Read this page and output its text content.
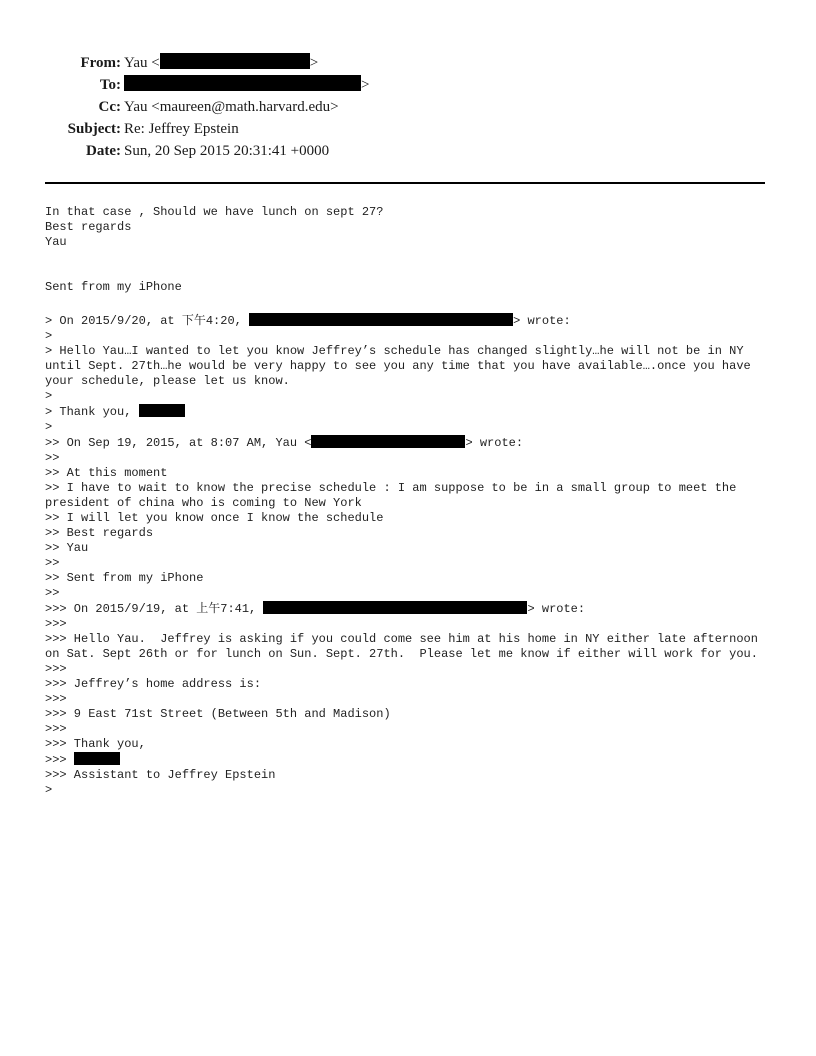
From: Yau <	>
To:	>
Cc: Yau <maureen@math.harvard.edu>
Subject: Re: Jeffrey Epstein
Date: Sun, 20 Sep 2015 20:31:41 +0000
In that case , Should we have lunch on sept 27?
Best regards
Yau
Sent from my iPhone
> On 2015/9/20, at 下午4:20,	> wrote:
>
> Hello Yau…I wanted to let you know Jeffrey’s schedule has changed slightly…he will not be in NY until Sept. 27th…he would be very happy to see you any time that you have available….once you have your schedule, please let us know.
>
> Thank you,
>
>> On Sep 19, 2015, at 8:07 AM, Yau <	> wrote:
>>
>> At this moment
>> I have to wait to know the precise schedule : I am suppose to be in a small group to meet the president of china who is coming to New York
>> I will let you know once I know the schedule
>> Best regards
>> Yau
>>
>> Sent from my iPhone
>>
>>> On 2015/9/19, at 上午7:41,	> wrote:
>>>
>>> Hello Yau.  Jeffrey is asking if you could come see him at his home in NY either late afternoon on Sat. Sept 26th or for lunch on Sun. Sept. 27th.  Please let me know if either will work for you.
>>>
>>> Jeffrey’s home address is:
>>>
>>> 9 East 71st Street (Between 5th and Madison)
>>>
>>> Thank you,
>>>
>>> Assistant to Jeffrey Epstein
>
